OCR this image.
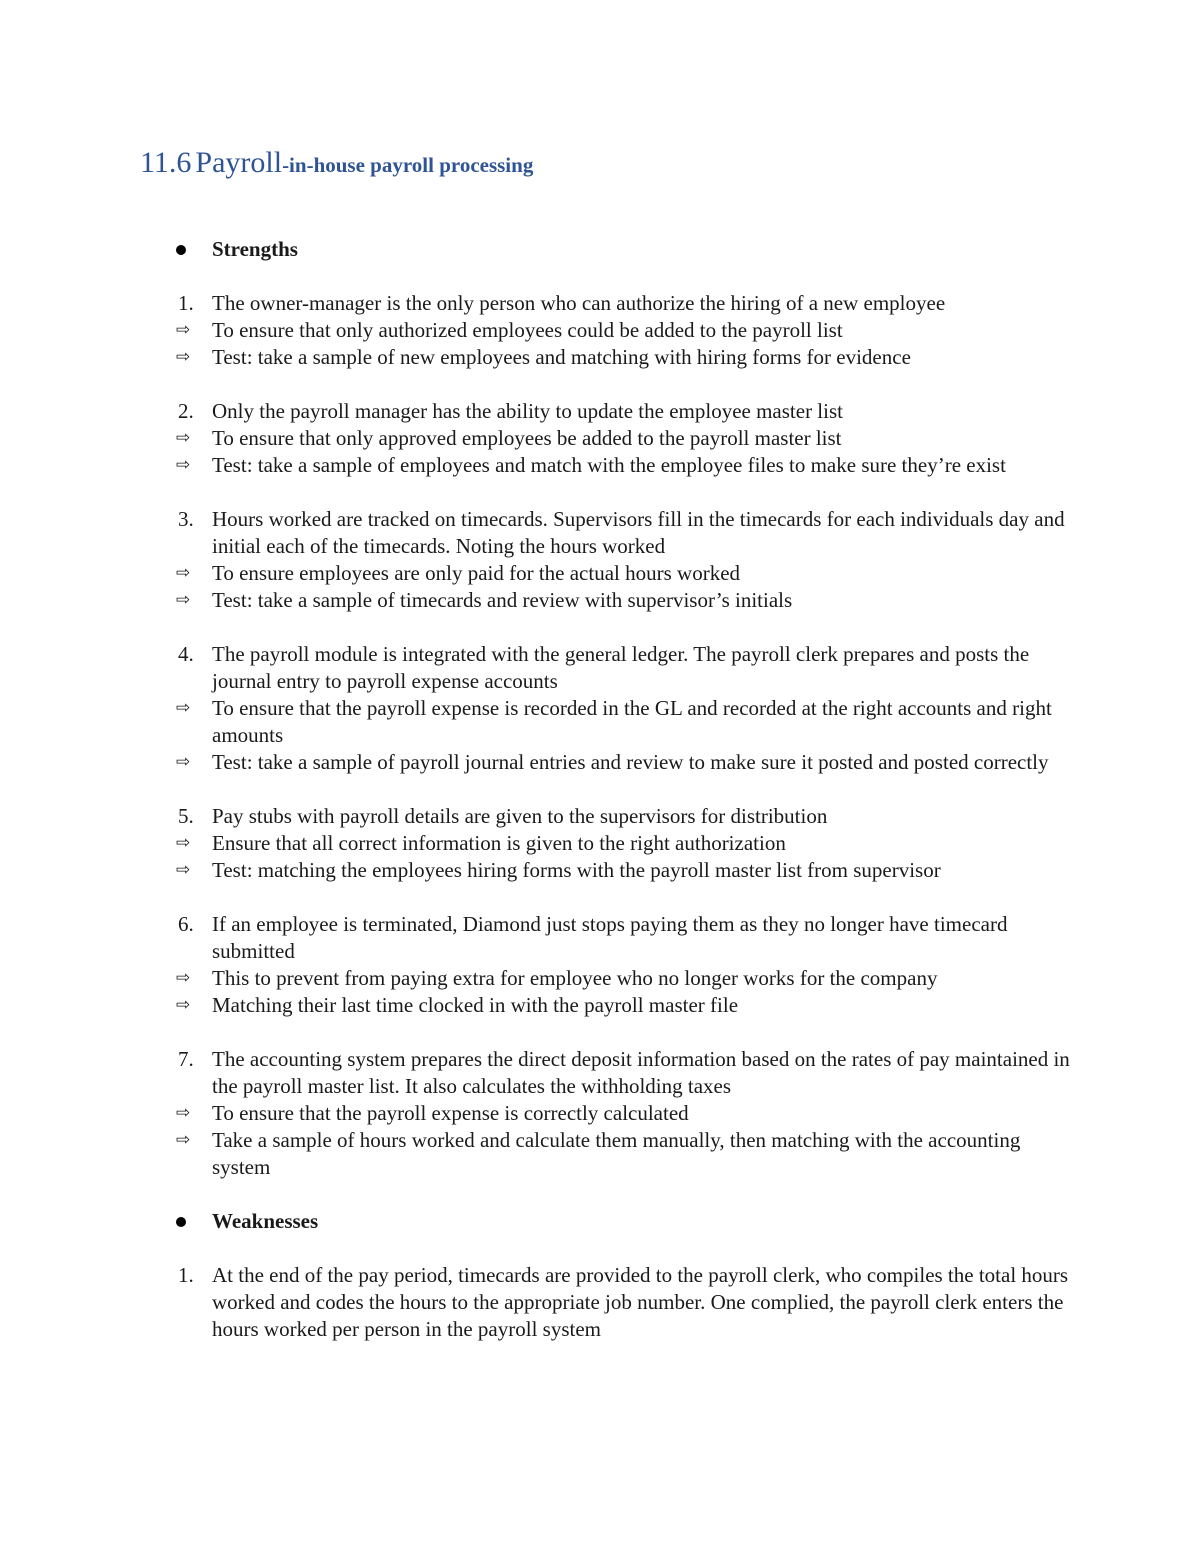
11.6 Payroll-in-house payroll processing
Strengths
1. The owner-manager is the only person who can authorize the hiring of a new employee
⇨ To ensure that only authorized employees could be added to the payroll list
⇨ Test: take a sample of new employees and matching with hiring forms for evidence
2. Only the payroll manager has the ability to update the employee master list
⇨ To ensure that only approved employees be added to the payroll master list
⇨ Test: take a sample of employees and match with the employee files to make sure they’re exist
3. Hours worked are tracked on timecards. Supervisors fill in the timecards for each individuals day and initial each of the timecards. Noting the hours worked
⇨ To ensure employees are only paid for the actual hours worked
⇨ Test: take a sample of timecards and review with supervisor’s initials
4. The payroll module is integrated with the general ledger. The payroll clerk prepares and posts the journal entry to payroll expense accounts
⇨ To ensure that the payroll expense is recorded in the GL and recorded at the right accounts and right amounts
⇨ Test: take a sample of payroll journal entries and review to make sure it posted and posted correctly
5. Pay stubs with payroll details are given to the supervisors for distribution
⇨ Ensure that all correct information is given to the right authorization
⇨ Test: matching the employees hiring forms with the payroll master list from supervisor
6. If an employee is terminated, Diamond just stops paying them as they no longer have timecard submitted
⇨ This to prevent from paying extra for employee who no longer works for the company
⇨ Matching their last time clocked in with the payroll master file
7. The accounting system prepares the direct deposit information based on the rates of pay maintained in the payroll master list. It also calculates the withholding taxes
⇨ To ensure that the payroll expense is correctly calculated
⇨ Take a sample of hours worked and calculate them manually, then matching with the accounting system
Weaknesses
1. At the end of the pay period, timecards are provided to the payroll clerk, who compiles the total hours worked and codes the hours to the appropriate job number. One complied, the payroll clerk enters the hours worked per person in the payroll system
